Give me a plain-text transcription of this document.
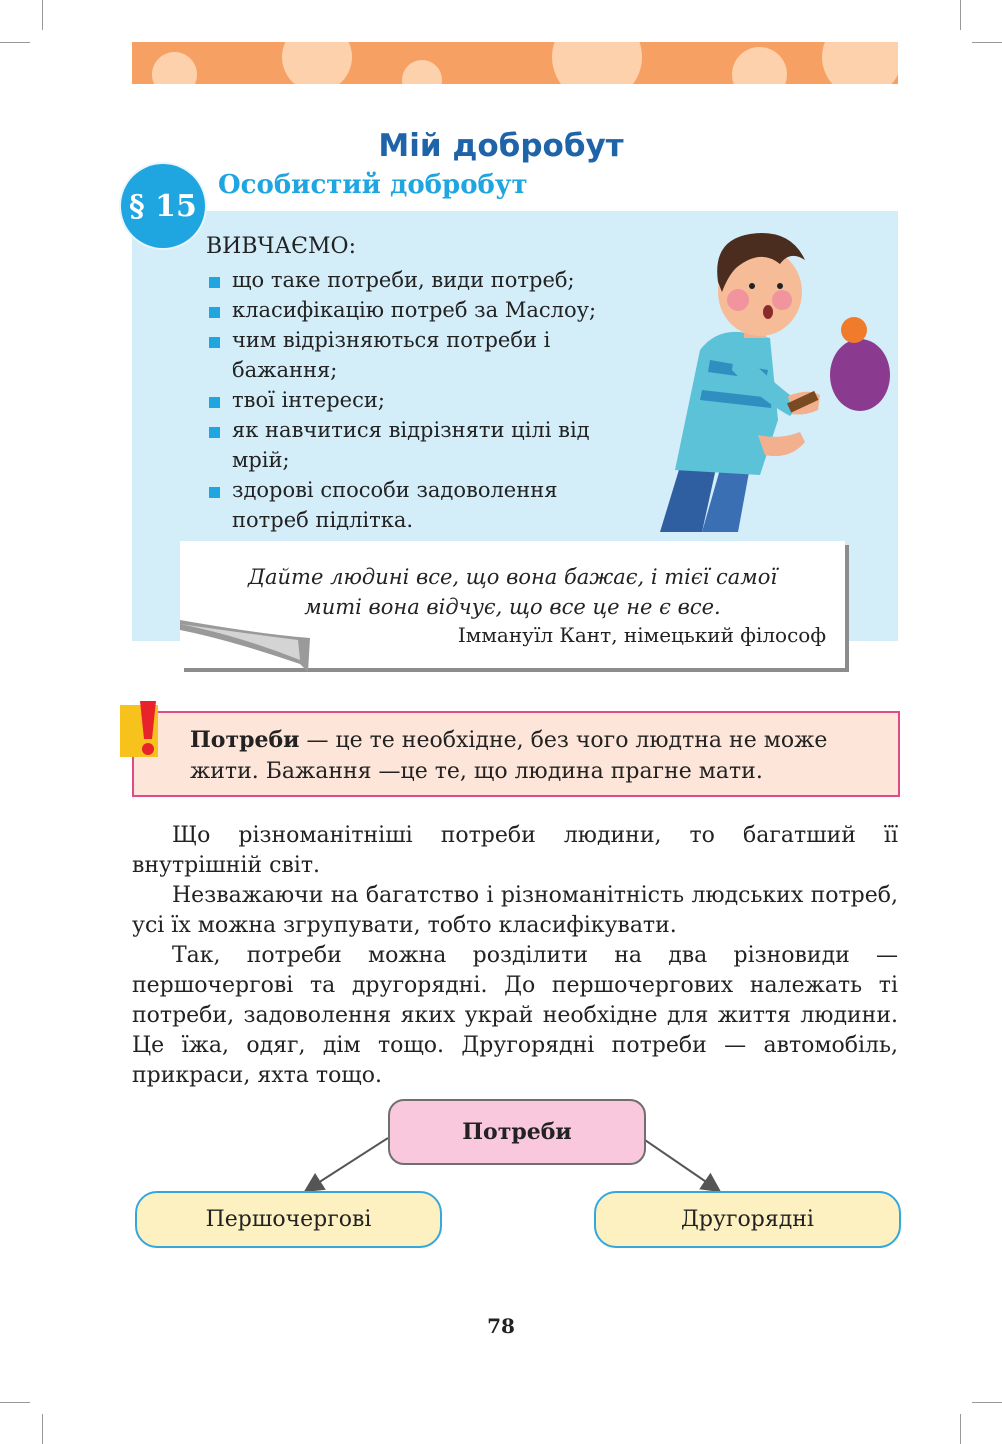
Мій добробут
§ 15
Особистий добробут
ВИВЧАЄМО:
що таке потреби, види потреб;
класифікацію потреб за Маслоу;
чим відрізняються потреби і бажання;
твої інтереси;
як навчитися відрізняти цілі від мрій;
здорові способи задоволення потреб підлітка.
Дайте людині все, що вона бажає, і тієї самої
миті вона відчує, що все це не є все.
Іммануїл Кант, німецький філософ
Потреби — це те необхідне, без чого людтна не може жити. Бажання —це те, що людина прагне мати.

Що різноманітніші потреби людини, то багатший її внутрішній світ.

Незважаючи на багатство і різноманітність людських потреб, усі їх можна згрупувати, тобто класифікувати.

Так, потреби можна розділити на два різновиди — першочергові та другорядні. До першочергових належать ті потреби, задоволення яких украй необхідне для життя людини. Це їжа, одяг, дім тощо. Другорядні потреби — автомобіль, прикраси, яхта тощо.

Потреби
Першочергові	Другорядні
78
